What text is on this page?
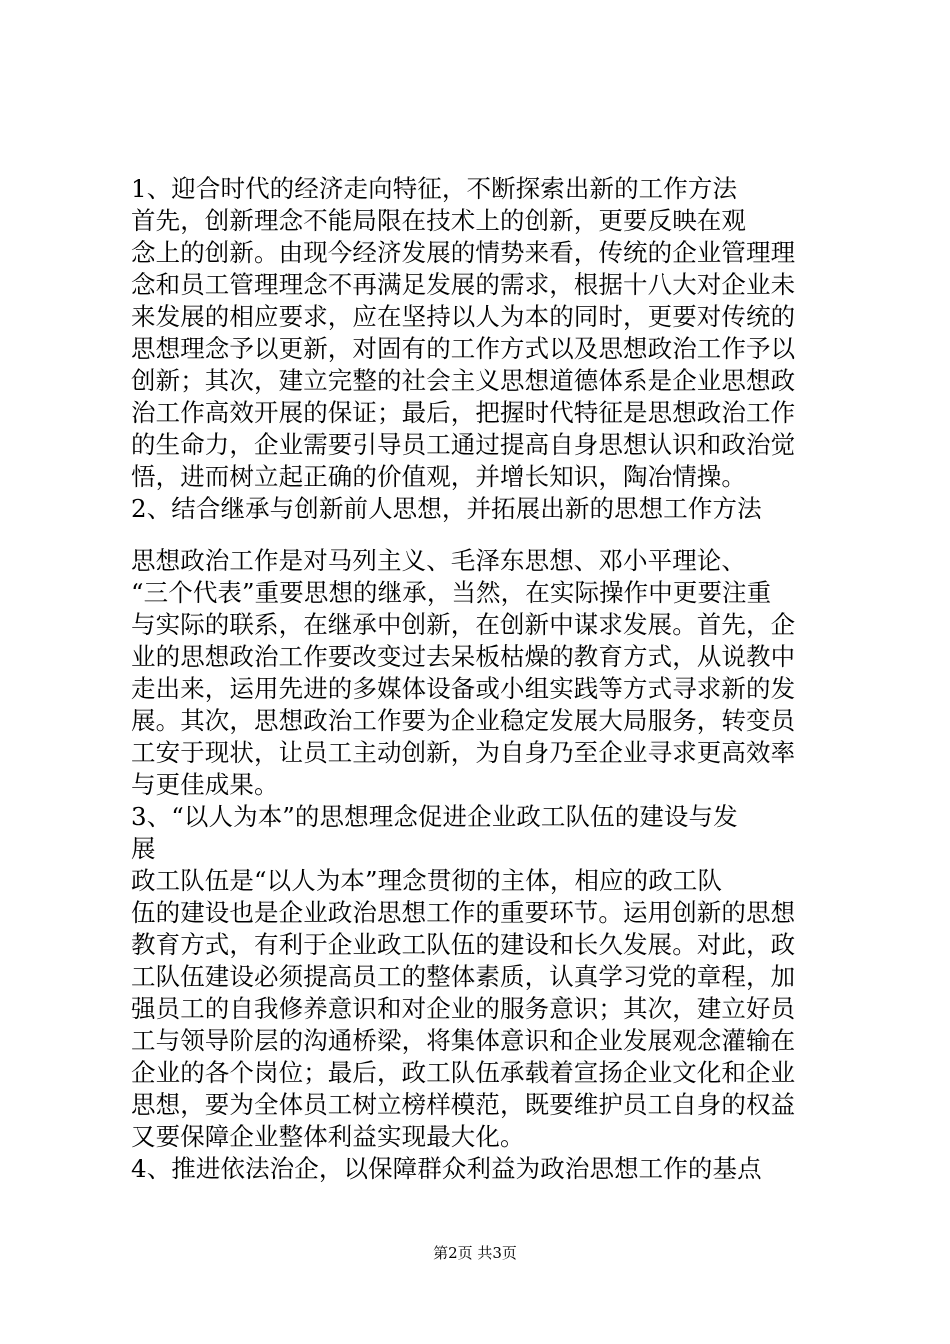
1、迎合时代的经济走向特征，不断探索出新的工作方法
首先，创新理念不能局限在技术上的创新，更要反映在观
念上的创新。由现今经济发展的情势来看，传统的企业管理理
念和员工管理理念不再满足发展的需求，根据十八大对企业未
来发展的相应要求，应在坚持以人为本的同时，更要对传统的
思想理念予以更新，对固有的工作方式以及思想政治工作予以
创新；其次，建立完整的社会主义思想道德体系是企业思想政
治工作高效开展的保证；最后，把握时代特征是思想政治工作
的生命力，企业需要引导员工通过提高自身思想认识和政治觉
悟，进而树立起正确的价值观，并增长知识，陶冶情操。
2、结合继承与创新前人思想，并拓展出新的思想工作方法
思想政治工作是对马列主义、毛泽东思想、邓小平理论、
“三个代表”重要思想的继承，当然，在实际操作中更要注重
与实际的联系，在继承中创新，在创新中谋求发展。首先，企
业的思想政治工作要改变过去呆板枯燥的教育方式，从说教中
走出来，运用先进的多媒体设备或小组实践等方式寻求新的发
展。其次，思想政治工作要为企业稳定发展大局服务，转变员
工安于现状，让员工主动创新，为自身乃至企业寻求更高效率
与更佳成果。
3、“以人为本”的思想理念促进企业政工队伍的建设与发
展
政工队伍是“以人为本”理念贯彻的主体，相应的政工队
伍的建设也是企业政治思想工作的重要环节。运用创新的思想
教育方式，有利于企业政工队伍的建设和长久发展。对此，政
工队伍建设必须提高员工的整体素质，认真学习党的章程，加
强员工的自我修养意识和对企业的服务意识；其次，建立好员
工与领导阶层的沟通桥梁，将集体意识和企业发展观念灌输在
企业的各个岗位；最后，政工队伍承载着宣扬企业文化和企业
思想，要为全体员工树立榜样模范，既要维护员工自身的权益
又要保障企业整体利益实现最大化。
4、推进依法治企，以保障群众利益为政治思想工作的基点
第2页 共3页
